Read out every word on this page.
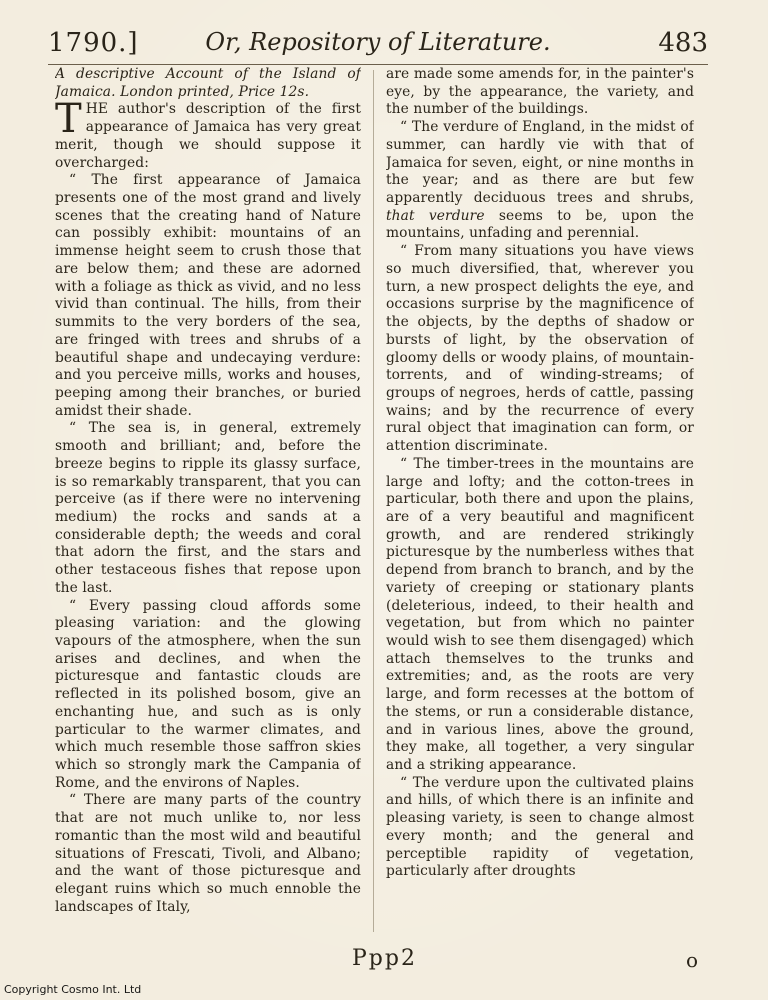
1790.]	Or, Repository of Literature.	483

A descriptive Account of the Island of Jamaica. London printed, Price 12s.

THE author's description of the first appearance of Jamaica has very great merit, though we should suppose it overcharged:

“ The first appearance of Jamaica presents one of the most grand and lively scenes that the creating hand of Nature can possibly exhibit: mountains of an immense height seem to crush those that are below them; and these are adorned with a foliage as thick as vivid, and no less vivid than continual. The hills, from their summits to the very borders of the sea, are fringed with trees and shrubs of a beautiful shape and undecaying verdure: and you perceive mills, works and houses, peeping among their branches, or buried amidst their shade.

“ The sea is, in general, extremely smooth and brilliant; and, before the breeze begins to ripple its glassy surface, is so remarkably transparent, that you can perceive (as if there were no intervening medium) the rocks and sands at a considerable depth; the weeds and coral that adorn the first, and the stars and other testaceous fishes that repose upon the last.

“ Every passing cloud affords some pleasing variation: and the glowing vapours of the atmosphere, when the sun arises and declines, and when the picturesque and fantastic clouds are reflected in its polished bosom, give an enchanting hue, and such as is only particular to the warmer climates, and which much resemble those saffron skies which so strongly mark the Campania of Rome, and the environs of Naples.

“ There are many parts of the country that are not much unlike to, nor less romantic than the most wild and beautiful situations of Frescati, Tivoli, and Albano; and the want of those picturesque and elegant ruins which so much ennoble the landscapes of Italy,

are made some amends for, in the painter's eye, by the appearance, the variety, and the number of the buildings.

“ The verdure of England, in the midst of summer, can hardly vie with that of Jamaica for seven, eight, or nine months in the year; and as there are but few apparently deciduous trees and shrubs, that verdure seems to be, upon the mountains, unfading and perennial.

“ From many situations you have views so much diversified, that, wherever you turn, a new prospect delights the eye, and occasions surprise by the magnificence of the objects, by the depths of shadow or bursts of light, by the observation of gloomy dells or woody plains, of mountain-torrents, and of winding-streams; of groups of negroes, herds of cattle, passing wains; and by the recurrence of every rural object that imagination can form, or attention discriminate.

“ The timber-trees in the mountains are large and lofty; and the cotton-trees in particular, both there and upon the plains, are of a very beautiful and magnificent growth, and are rendered strikingly picturesque by the numberless withes that depend from branch to branch, and by the variety of creeping or stationary plants (deleterious, indeed, to their health and vegetation, but from which no painter would wish to see them disengaged) which attach themselves to the trunks and extremities; and, as the roots are very large, and form recesses at the bottom of the stems, or run a considerable distance, and in various lines, above the ground, they make, all together, a very singular and a striking appearance.

“ The verdure upon the cultivated plains and hills, of which there is an infinite and pleasing variety, is seen to change almost every month; and the general and perceptible rapidity of vegetation, particularly after droughts

Ppp2	o
Copyright Cosmo Int. Ltd
